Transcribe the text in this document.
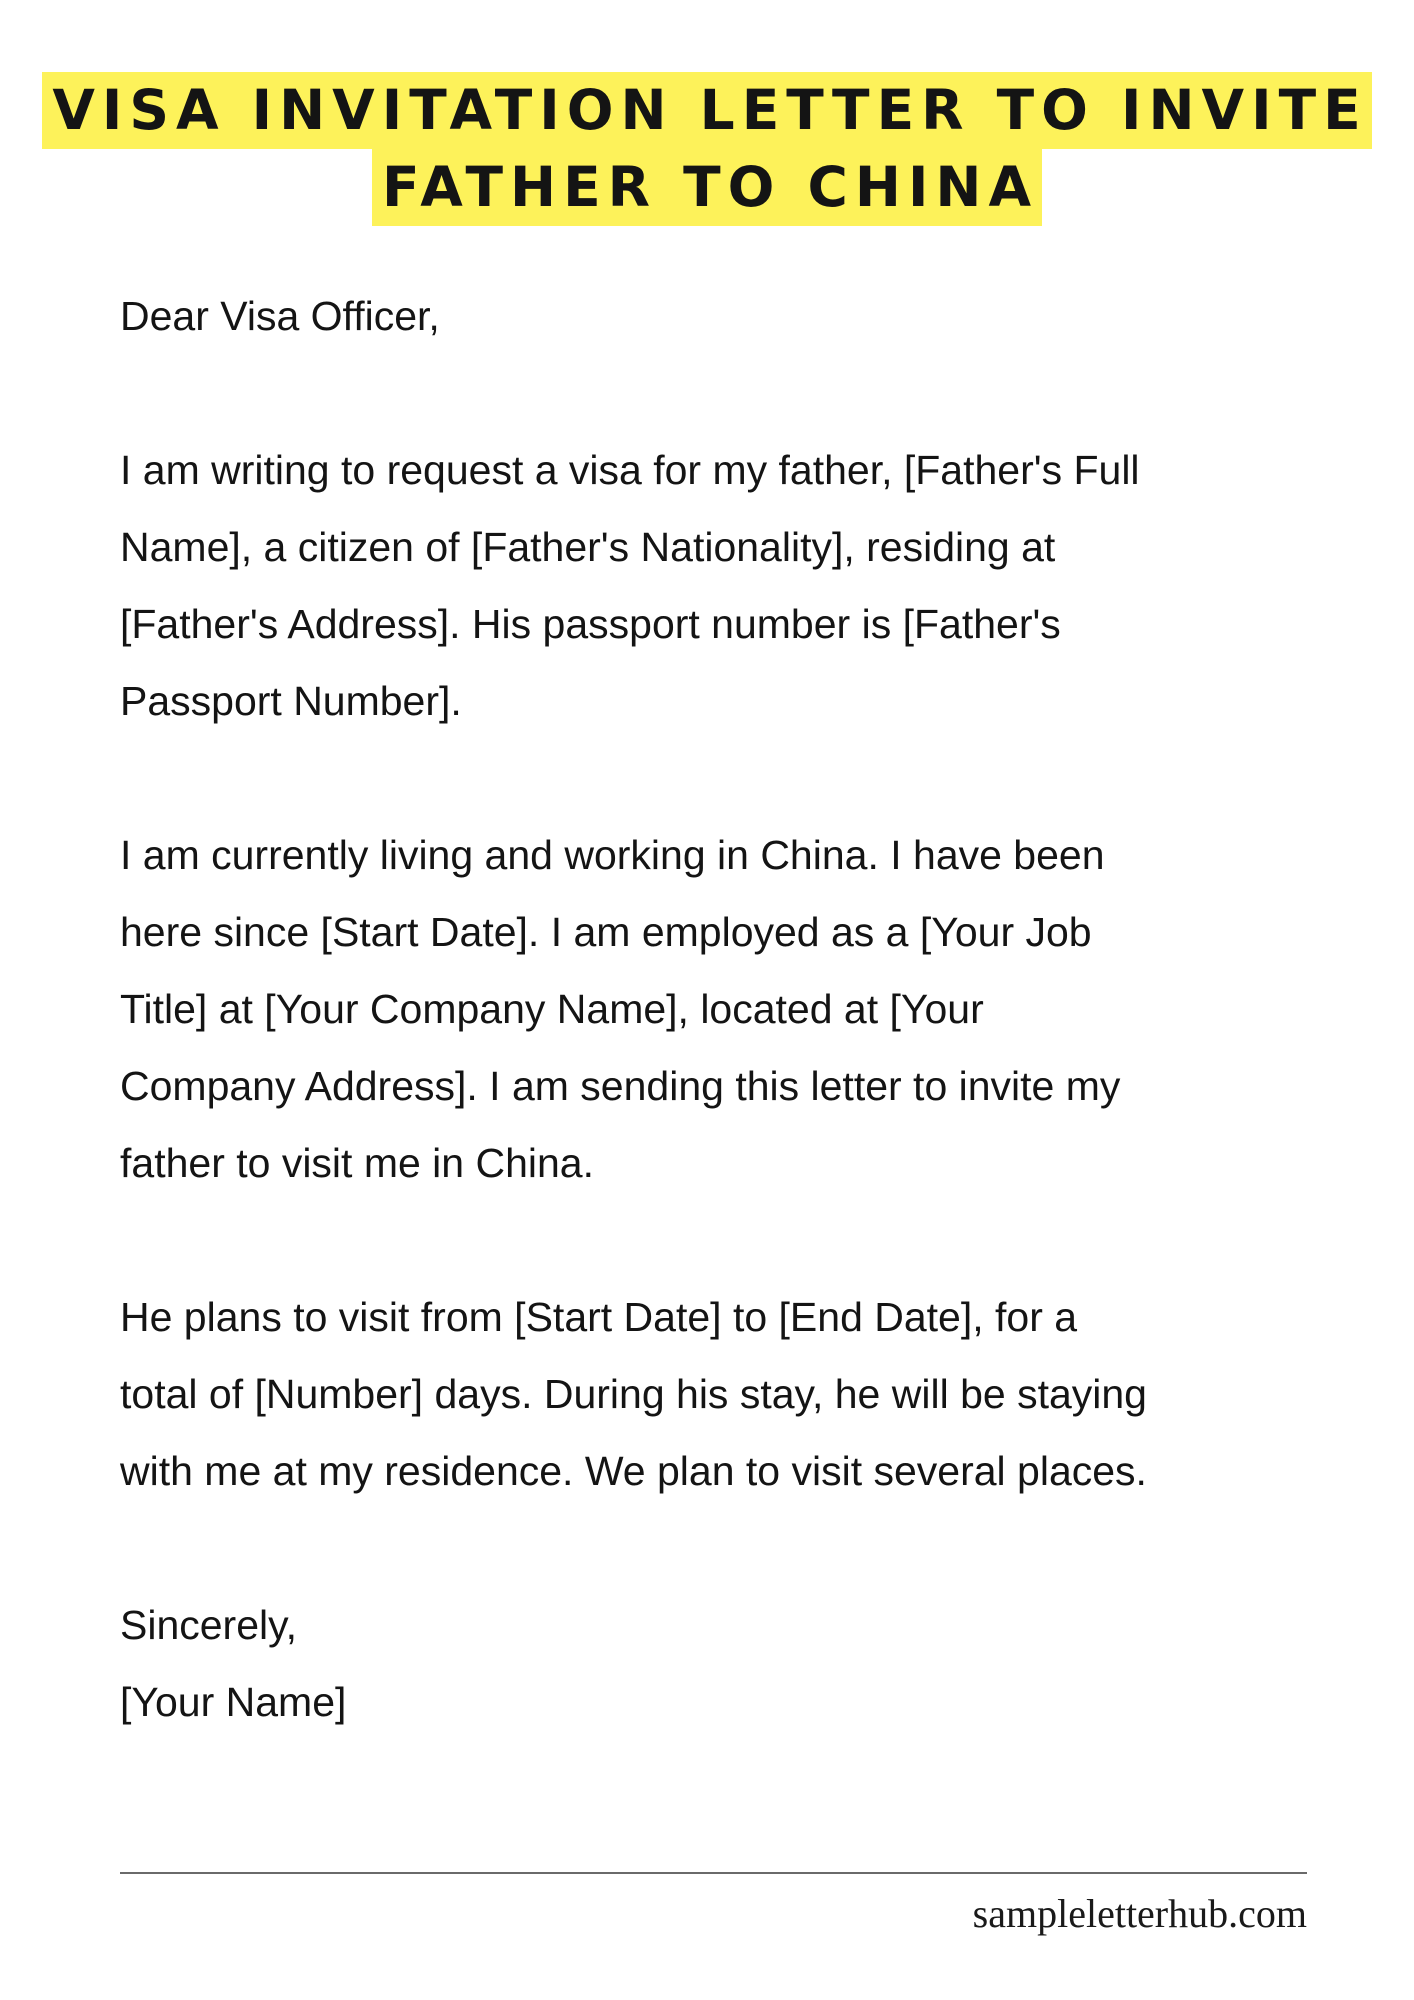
VISA INVITATION LETTER TO INVITE
FATHER TO CHINA

Dear Visa Officer,

I am writing to request a visa for my father, [Father's Full
Name], a citizen of [Father's Nationality], residing at
[Father's Address]. His passport number is [Father's
Passport Number].

I am currently living and working in China. I have been
here since [Start Date]. I am employed as a [Your Job
Title] at [Your Company Name], located at [Your
Company Address]. I am sending this letter to invite my
father to visit me in China.

He plans to visit from [Start Date] to [End Date], for a
total of [Number] days. During his stay, he will be staying
with me at my residence. We plan to visit several places.

Sincerely,
[Your Name]

sampleletterhub.com
